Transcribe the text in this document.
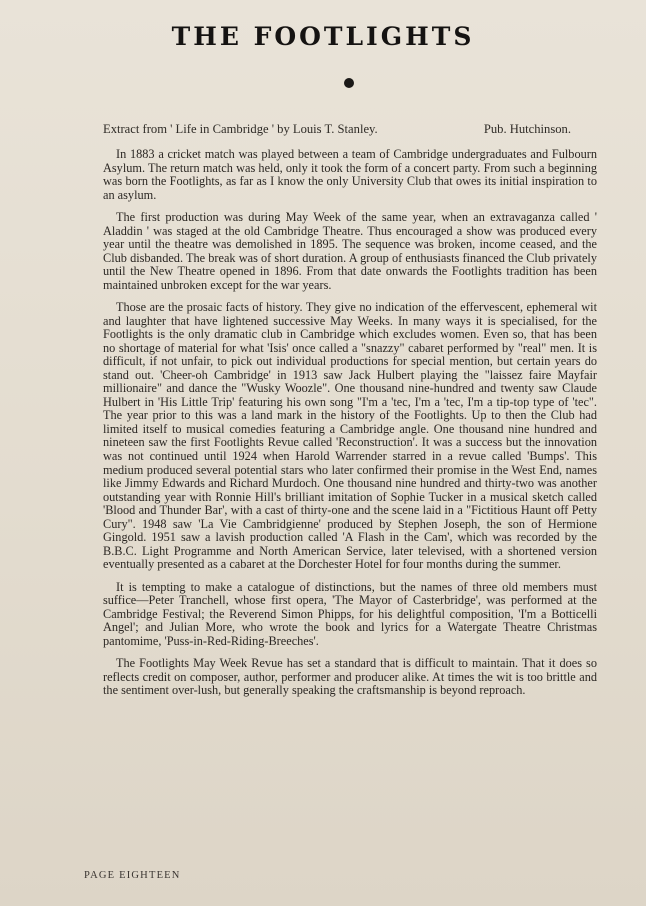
THE FOOTLIGHTS
Extract from ' Life in Cambridge ' by Louis T. Stanley.	Pub. Hutchinson.

In 1883 a cricket match was played between a team of Cambridge undergraduates and Fulbourn Asylum. The return match was held, only it took the form of a concert party. From such a beginning was born the Footlights, as far as I know the only University Club that owes its initial inspiration to an asylum.

The first production was during May Week of the same year, when an extravaganza called ' Aladdin ' was staged at the old Cambridge Theatre. Thus encouraged a show was produced every year until the theatre was demolished in 1895. The sequence was broken, income ceased, and the Club disbanded. The break was of short duration. A group of enthusiasts financed the Club privately until the New Theatre opened in 1896. From that date onwards the Footlights tradition has been maintained unbroken except for the war years.

Those are the prosaic facts of history. They give no indication of the effervescent, ephemeral wit and laughter that have lightened successive May Weeks. In many ways it is specialised, for the Footlights is the only dramatic club in Cambridge which excludes women. Even so, that has been no shortage of material for what 'Isis' once called a "snazzy" cabaret performed by "real" men. It is difficult, if not unfair, to pick out individual productions for special mention, but certain years do stand out. 'Cheer-oh Cambridge' in 1913 saw Jack Hulbert playing the "laissez faire Mayfair millionaire" and dance the "Wusky Woozle". One thousand nine-hundred and twenty saw Claude Hulbert in 'His Little Trip' featuring his own song "I'm a 'tec, I'm a 'tec, I'm a tip-top type of 'tec". The year prior to this was a land mark in the history of the Footlights. Up to then the Club had limited itself to musical comedies featuring a Cambridge angle. One thousand nine hundred and nineteen saw the first Footlights Revue called 'Reconstruction'. It was a success but the innovation was not continued until 1924 when Harold Warrender starred in a revue called 'Bumps'. This medium produced several potential stars who later confirmed their promise in the West End, names like Jimmy Edwards and Richard Murdoch. One thousand nine hundred and thirty-two was another outstanding year with Ronnie Hill's brilliant imitation of Sophie Tucker in a musical sketch called 'Blood and Thunder Bar', with a cast of thirty-one and the scene laid in a "Fictitious Haunt off Petty Cury". 1948 saw 'La Vie Cambridgienne' produced by Stephen Joseph, the son of Hermione Gingold. 1951 saw a lavish production called 'A Flash in the Cam', which was recorded by the B.B.C. Light Programme and North American Service, later televised, with a shortened version eventually presented as a cabaret at the Dorchester Hotel for four months during the summer.

It is tempting to make a catalogue of distinctions, but the names of three old members must suffice—Peter Tranchell, whose first opera, 'The Mayor of Casterbridge', was performed at the Cambridge Festival; the Reverend Simon Phipps, for his delightful composition, 'I'm a Botticelli Angel'; and Julian More, who wrote the book and lyrics for a Watergate Theatre Christmas pantomime, 'Puss-in-Red-Riding-Breeches'.

The Footlights May Week Revue has set a standard that is difficult to maintain. That it does so reflects credit on composer, author, performer and producer alike. At times the wit is too brittle and the sentiment over-lush, but generally speaking the craftsmanship is beyond reproach.

PAGE EIGHTEEN
